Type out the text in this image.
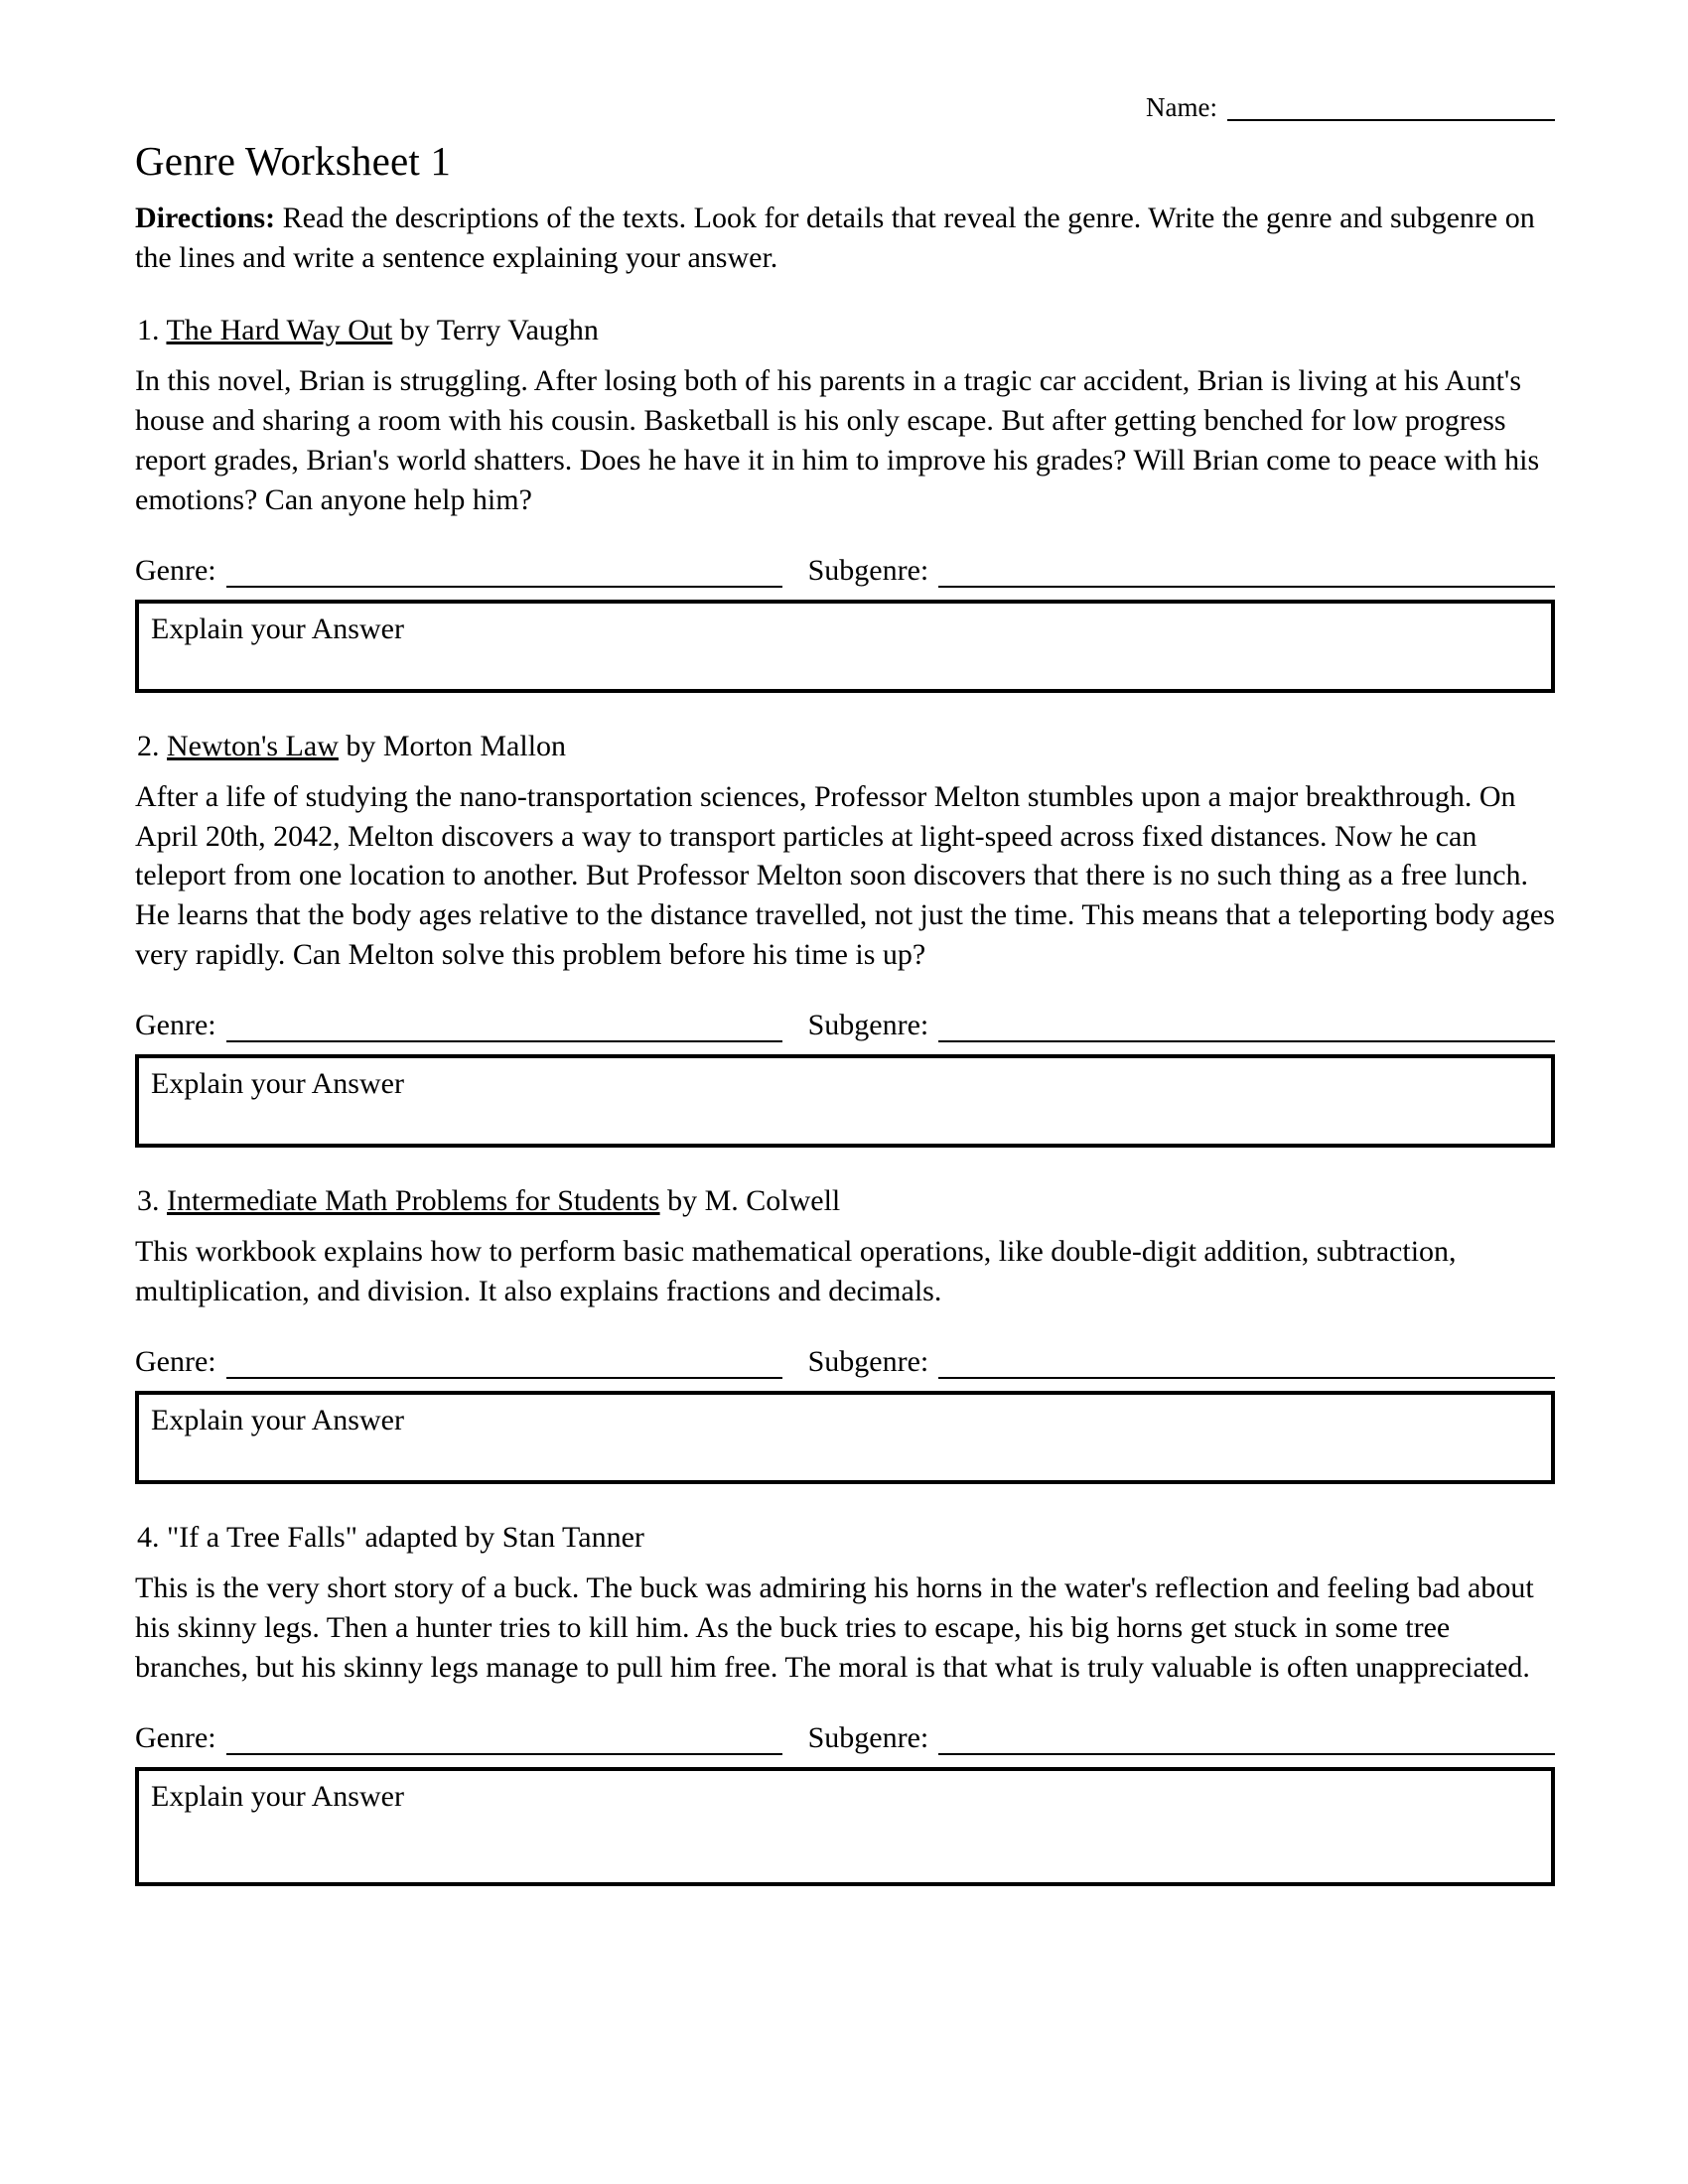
Name:
Genre Worksheet 1
Directions: Read the descriptions of the texts. Look for details that reveal the genre. Write the genre and subgenre on the lines and write a sentence explaining your answer.
1. The Hard Way Out by Terry Vaughn
In this novel, Brian is struggling. After losing both of his parents in a tragic car accident, Brian is living at his Aunt's house and sharing a room with his cousin. Basketball is his only escape. But after getting benched for low progress report grades, Brian's world shatters. Does he have it in him to improve his grades? Will Brian come to peace with his emotions? Can anyone help him?
Genre:	Subgenre:
Explain your Answer
2. Newton's Law by Morton Mallon
After a life of studying the nano-transportation sciences, Professor Melton stumbles upon a major breakthrough. On April 20th, 2042, Melton discovers a way to transport particles at light-speed across fixed distances. Now he can teleport from one location to another. But Professor Melton soon discovers that there is no such thing as a free lunch. He learns that the body ages relative to the distance travelled, not just the time. This means that a teleporting body ages very rapidly. Can Melton solve this problem before his time is up?
Genre:	Subgenre:
Explain your Answer
3. Intermediate Math Problems for Students by M. Colwell
This workbook explains how to perform basic mathematical operations, like double-digit addition, subtraction, multiplication, and division. It also explains fractions and decimals.
Genre:	Subgenre:
Explain your Answer
4. "If a Tree Falls" adapted by Stan Tanner
This is the very short story of a buck. The buck was admiring his horns in the water's reflection and feeling bad about his skinny legs. Then a hunter tries to kill him. As the buck tries to escape, his big horns get stuck in some tree branches, but his skinny legs manage to pull him free. The moral is that what is truly valuable is often unappreciated.
Genre:	Subgenre:
Explain your Answer
